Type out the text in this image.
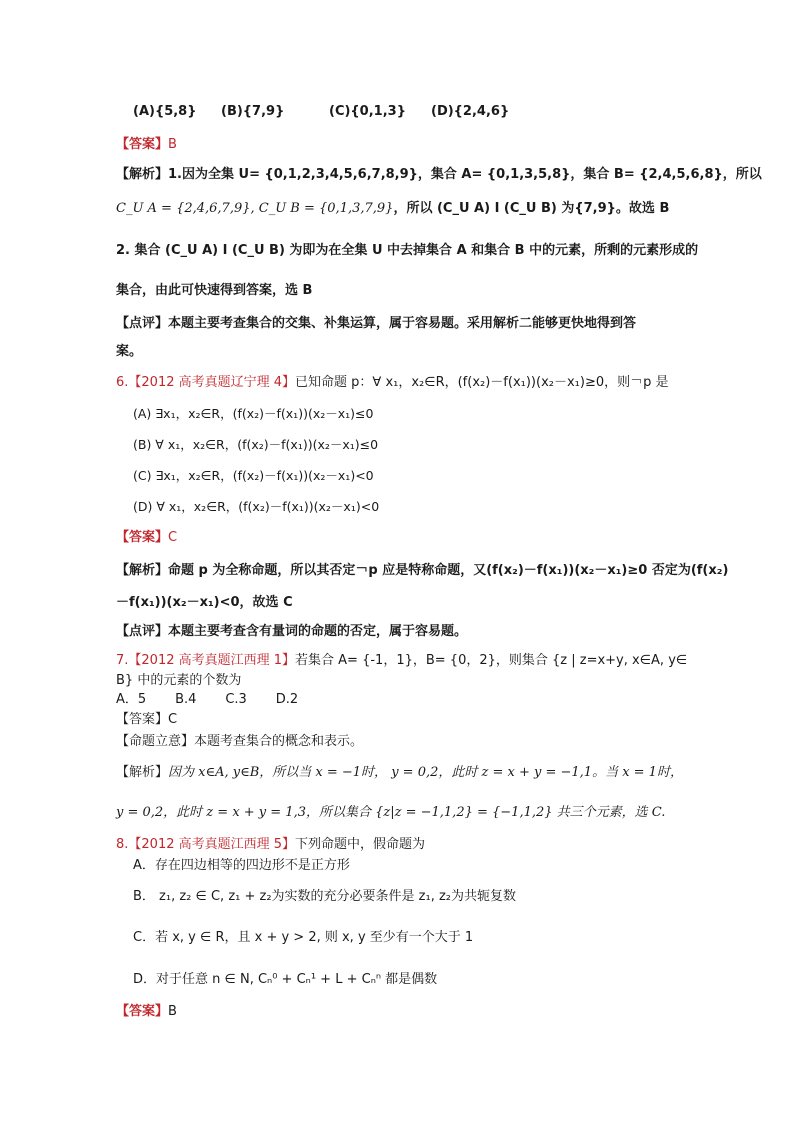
(A){5,8} (B){7,9}	(C){0,1,3} (D){2,4,6}
【答案】B
【解析】1.因为全集 U= {0,1,2,3,4,5,6,7,8,9}，集合 A= {0,1,3,5,8}，集合 B= {2,4,5,6,8}，所以
C_U A = {2,4,6,7,9}, C_U B = {0,1,3,7,9}，所以 (C_U A) I (C_U B) 为{7,9}。故选 B
2. 集合 (C_U A) I (C_U B) 为即为在全集 U 中去掉集合 A 和集合 B 中的元素，所剩的元素形成的
集合，由此可快速得到答案，选 B
【点评】本题主要考查集合的交集、补集运算，属于容易题。采用解析二能够更快地得到答
案。
6.【2012 高考真题辽宁理 4】已知命题 p：∀ x₁，x₂∈R，(f(x₂)－f(x₁))(x₂－x₁)≥0，则￢p 是
(A) ∃x₁，x₂∈R，(f(x₂)－f(x₁))(x₂－x₁)≤0
(B) ∀ x₁，x₂∈R，(f(x₂)－f(x₁))(x₂－x₁)≤0
(C) ∃x₁，x₂∈R，(f(x₂)－f(x₁))(x₂－x₁)<0
(D) ∀ x₁，x₂∈R，(f(x₂)－f(x₁))(x₂－x₁)<0
【答案】C
【解析】命题 p 为全称命题，所以其否定￢p 应是特称命题，又(f(x₂)－f(x₁))(x₂－x₁)≥0 否定为(f(x₂)
－f(x₁))(x₂－x₁)<0，故选 C
【点评】本题主要考查含有量词的命题的否定，属于容易题。
7.【2012 高考真题江西理 1】若集合 A= {-1，1}，B= {0，2}，则集合 {z | z=x+y, x∈A, y∈
B} 中的元素的个数为
A．5       B.4       C.3       D.2
【答案】C
【命题立意】本题考查集合的概念和表示。
【解析】因为 x∈A, y∈B，所以当 x = −1时， y = 0,2，此时 z = x + y = −1,1。当 x = 1时，
y = 0,2，此时 z = x + y = 1,3，所以集合 {z|z = −1,1,2} = {−1,1,2} 共三个元素，选 C.
8.【2012 高考真题江西理 5】下列命题中，假命题为
A．存在四边相等的四边形不是正方形
B． z₁, z₂ ∈ C, z₁ + z₂为实数的充分必要条件是 z₁, z₂为共轭复数
C．若 x, y ∈ R，且 x + y > 2, 则 x, y 至少有一个大于 1
D．对于任意 n ∈ N, Cₙ⁰ + Cₙ¹ + L + Cₙⁿ 都是偶数
【答案】B
